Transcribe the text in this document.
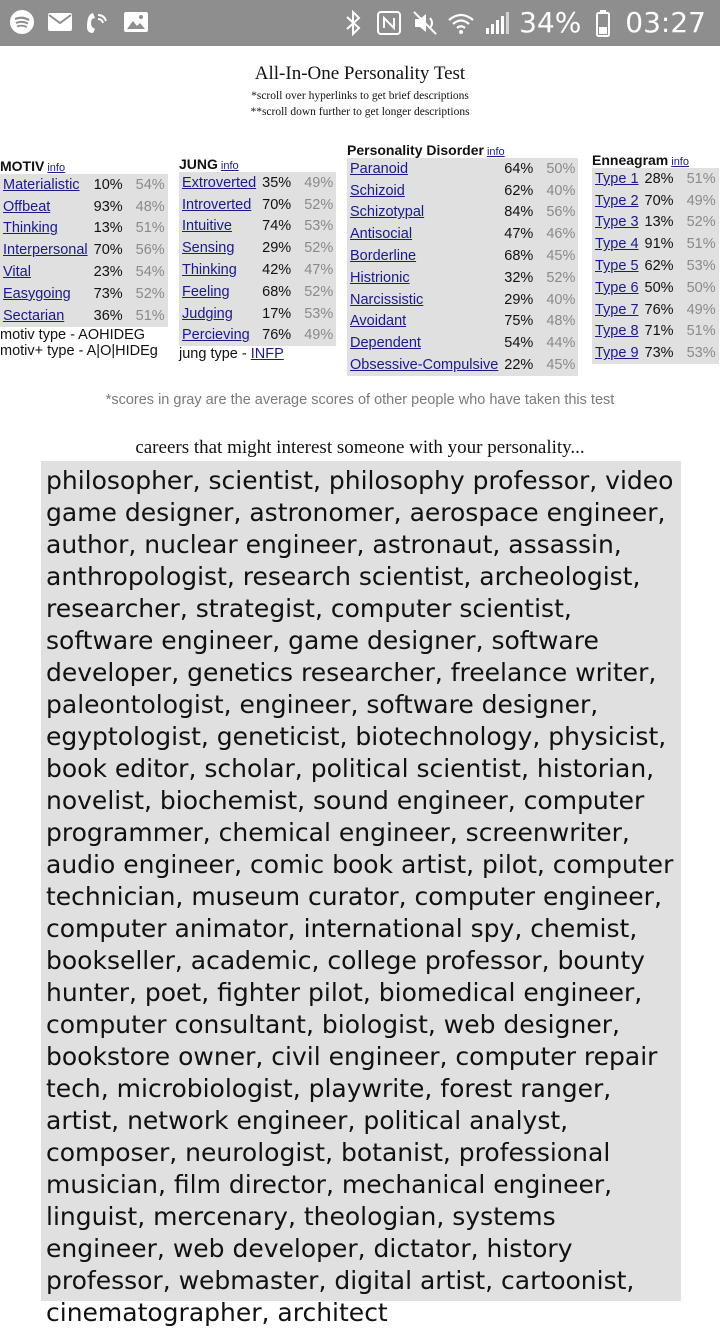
34% 03:27
All-In-One Personality Test
*scroll over hyperlinks to get brief descriptions
**scroll down further to get longer descriptions
MOTIV info
Materialistic	10%	54%
Offbeat	93%	48%
Thinking	13%	51%
Interpersonal	70%	56%
Vital	23%	54%
Easygoing	73%	52%
Sectarian	36%	51%
motiv type - AOHIDEG
motiv+ type - A|O|HIDEg
JUNG info
Extroverted	35%	49%
Introverted	70%	52%
Intuitive	74%	53%
Sensing	29%	52%
Thinking	42%	47%
Feeling	68%	52%
Judging	17%	53%
Percieving	76%	49%
jung type - INFP
Personality Disorder info
Paranoid	64%	50%
Schizoid	62%	40%
Schizotypal	84%	56%
Antisocial	47%	46%
Borderline	68%	45%
Histrionic	32%	52%
Narcissistic	29%	40%
Avoidant	75%	48%
Dependent	54%	44%
Obsessive-Compulsive	22%	45%
Enneagram info
Type 1	28%	51%
Type 2	70%	49%
Type 3	13%	52%
Type 4	91%	51%
Type 5	62%	53%
Type 6	50%	50%
Type 7	76%	49%
Type 8	71%	51%
Type 9	73%	53%
*scores in gray are the average scores of other people who have taken this test
careers that might interest someone with your personality...
philosopher, scientist, philosophy professor, video game designer, astronomer, aerospace engineer, author, nuclear engineer, astronaut, assassin, anthropologist, research scientist, archeologist, researcher, strategist, computer scientist, software engineer, game designer, software developer, genetics researcher, freelance writer, paleontologist, engineer, software designer, egyptologist, geneticist, biotechnology, physicist, book editor, scholar, political scientist, historian, novelist, biochemist, sound engineer, computer programmer, chemical engineer, screenwriter, audio engineer, comic book artist, pilot, computer technician, museum curator, computer engineer, computer animator, international spy, chemist, bookseller, academic, college professor, bounty hunter, poet, fighter pilot, biomedical engineer, computer consultant, biologist, web designer, bookstore owner, civil engineer, computer repair tech, microbiologist, playwrite, forest ranger, artist, network engineer, political analyst, composer, neurologist, botanist, professional musician, film director, mechanical engineer, linguist, mercenary, theologian, systems engineer, web developer, dictator, history professor, webmaster, digital artist, cartoonist, cinematographer, architect
